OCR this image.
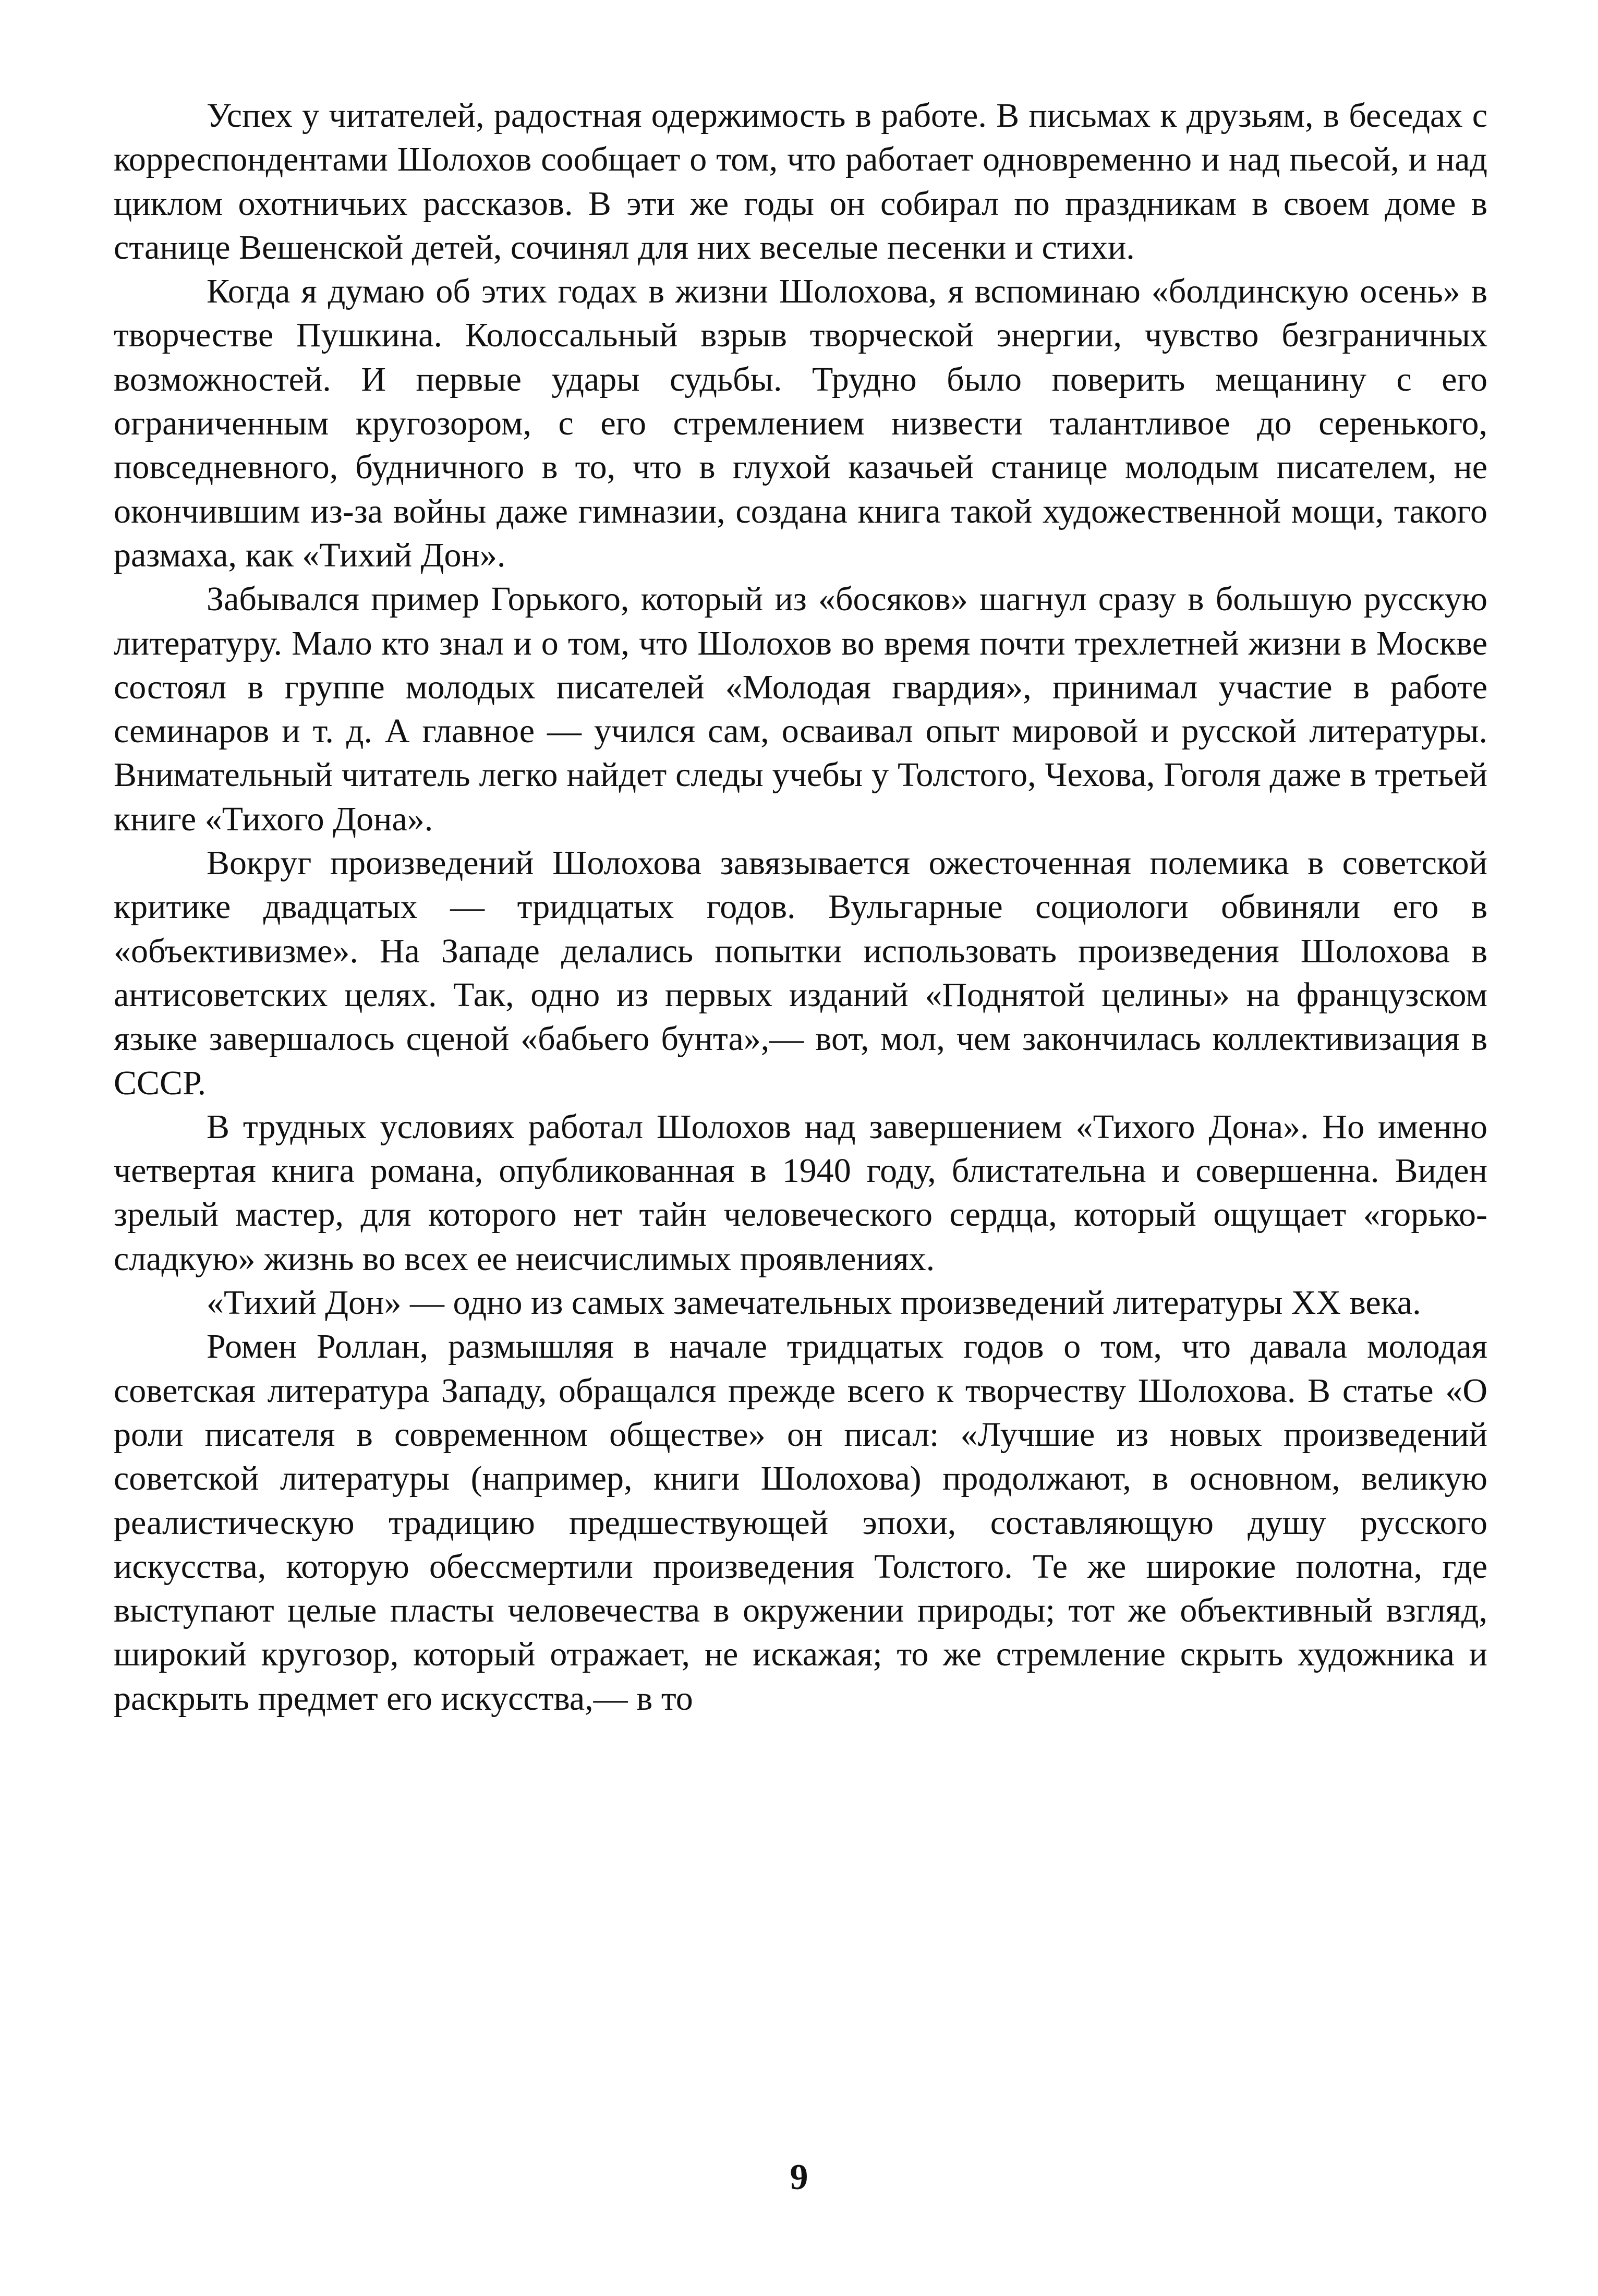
Успех у читателей, радостная одержимость в работе. В письмах к друзьям, в беседах с корреспондентами Шолохов сообщает о том, что работает одновременно и над пьесой, и над циклом охотничьих рассказов. В эти же годы он собирал по праздникам в своем доме в станице Вешенской детей, сочинял для них веселые песенки и стихи.

Когда я думаю об этих годах в жизни Шолохова, я вспоминаю «болдинскую осень» в творчестве Пушкина. Колоссальный взрыв творческой энергии, чувство безграничных возможностей. И первые удары судьбы. Трудно было поверить мещанину с его ограниченным кругозором, с его стремлением низвести талантливое до серенького, повседневного, будничного в то, что в глухой казачьей станице молодым писателем, не окончившим из-за войны даже гимназии, создана книга такой художественной мощи, такого размаха, как «Тихий Дон».

Забывался пример Горького, который из «босяков» шагнул сразу в большую русскую литературу. Мало кто знал и о том, что Шолохов во время почти трехлетней жизни в Москве состоял в группе молодых писателей «Молодая гвардия», принимал участие в работе семинаров и т. д. А главное — учился сам, осваивал опыт мировой и русской литературы. Внимательный читатель легко найдет следы учебы у Толстого, Чехова, Гоголя даже в третьей книге «Тихого Дона».

Вокруг произведений Шолохова завязывается ожесточенная полемика в советской критике двадцатых — тридцатых годов. Вульгарные социологи обвиняли его в «объективизме». На Западе делались попытки использовать произведения Шолохова в антисоветских целях. Так, одно из первых изданий «Поднятой целины» на французском языке завершалось сценой «бабьего бунта»,— вот, мол, чем закончилась коллективизация в СССР.

В трудных условиях работал Шолохов над завершением «Тихого Дона». Но именно четвертая книга романа, опубликованная в 1940 году, блистательна и совершенна. Виден зрелый мастер, для которого нет тайн человеческого сердца, который ощущает «горько-сладкую» жизнь во всех ее неисчислимых проявлениях.

«Тихий Дон» — одно из самых замечательных произведений литературы XX века.

Ромен Роллан, размышляя в начале тридцатых годов о том, что давала молодая советская литература Западу, обращался прежде всего к творчеству Шолохова. В статье «О роли писателя в современном обществе» он писал: «Лучшие из новых произведений советской литературы (например, книги Шолохова) продолжают, в основном, великую реалистическую традицию предшествующей эпохи, составляющую душу русского искусства, которую обессмертили произведения Толстого. Те же широкие полотна, где выступают целые пласты человечества в окружении природы; тот же объективный взгляд, широкий кругозор, который отражает, не искажая; то же стремление скрыть художника и раскрыть предмет его искусства,— в то

9
